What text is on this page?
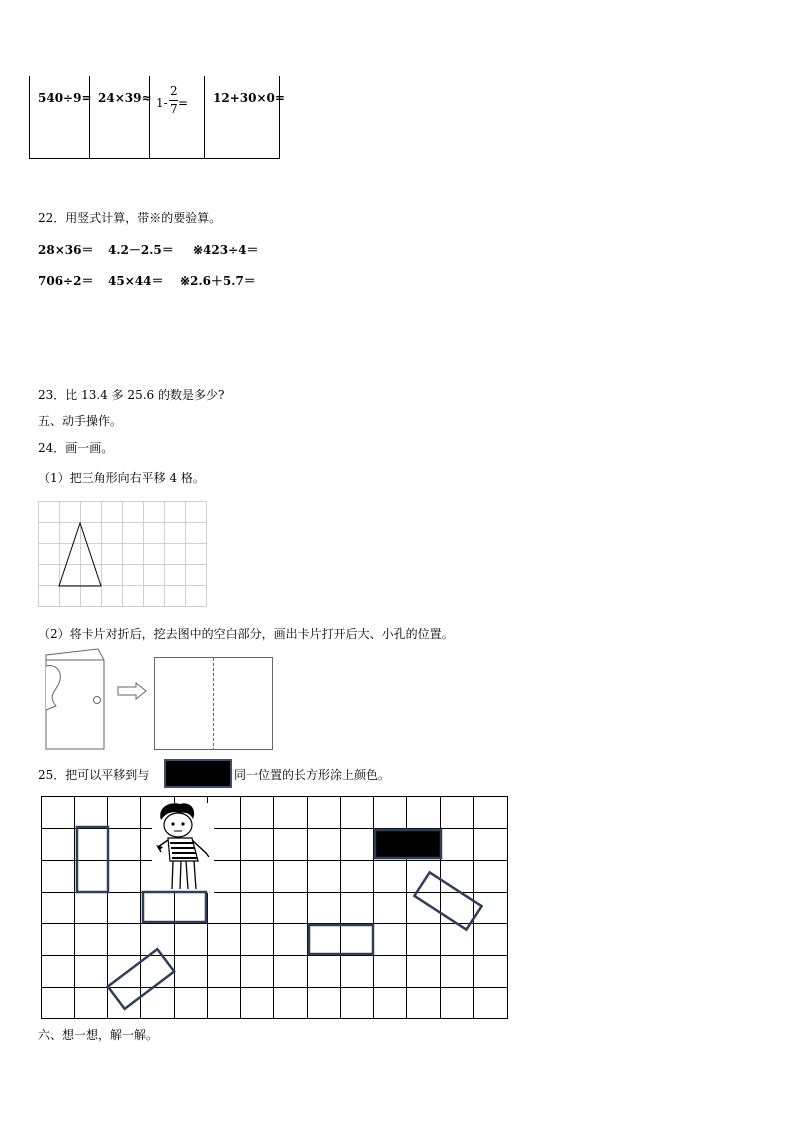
540÷9= 24×39≈ 1-
2
7 = 12+30×0=
22．用竖式计算，带※的要验算。
28×36＝ 4.2－2.5＝ ※423÷4＝
706÷2＝ 45×44＝ ※2.6＋5.7＝
23．比 13.4 多 25.6 的数是多少?
五、动手操作。
24．画一画。
（1）把三角形向右平移 4 格。
（2）将卡片对折后，挖去图中的空白部分，画出卡片打开后大、小孔的位置。
25．把可以平移到与	同一位置的长方形涂上颜色。
六、想一想，解一解。
